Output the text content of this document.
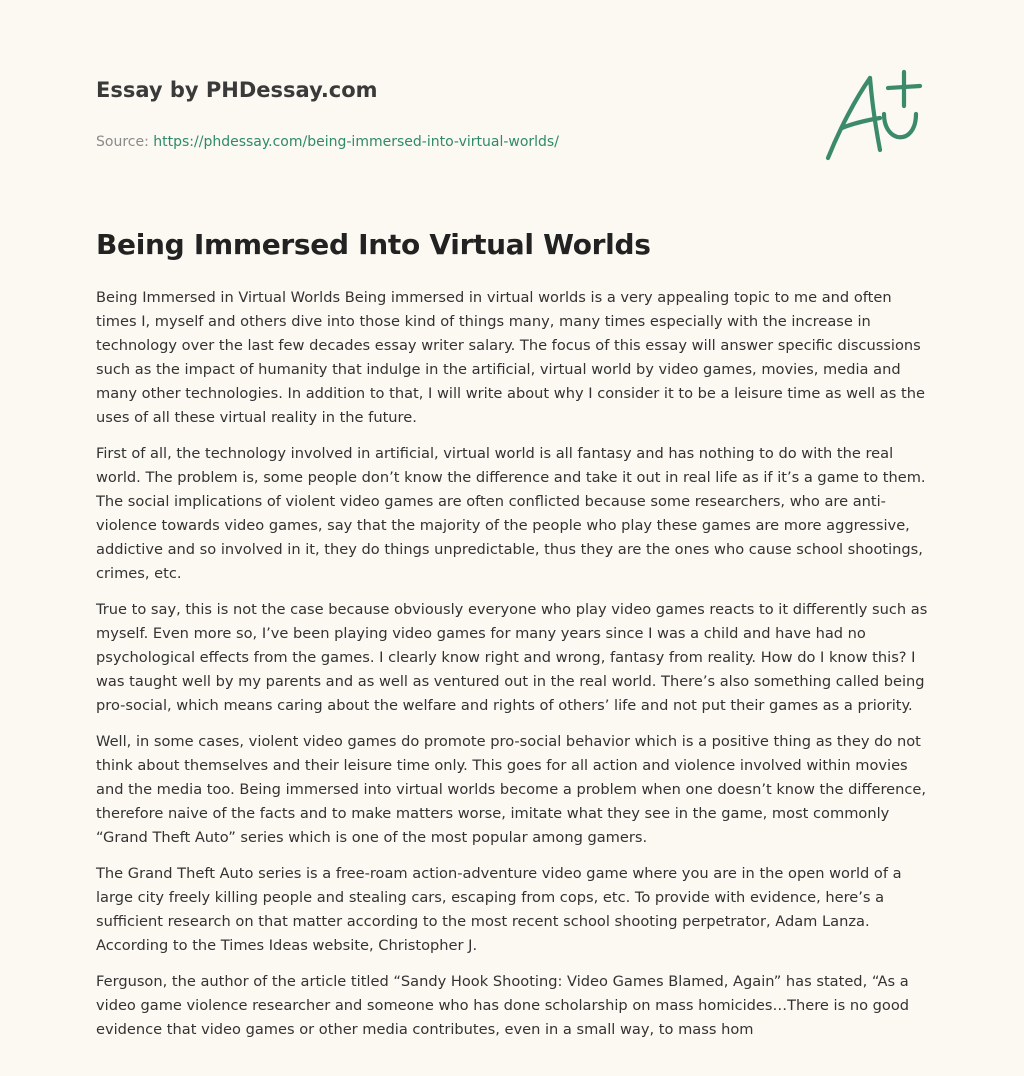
Essay by PHDessay.com
Source: https://phdessay.com/being-immersed-into-virtual-worlds/
Being Immersed Into Virtual Worlds

Being Immersed in Virtual Worlds Being immersed in virtual worlds is a very appealing topic to me and often times I, myself and others dive into those kind of things many, many times especially with the increase in technology over the last few decades essay writer salary. The focus of this essay will answer specific discussions such as the impact of humanity that indulge in the artificial, virtual world by video games, movies, media and many other technologies. In addition to that, I will write about why I consider it to be a leisure time as well as the uses of all these virtual reality in the future.

First of all, the technology involved in artificial, virtual world is all fantasy and has nothing to do with the real world. The problem is, some people don’t know the difference and take it out in real life as if it’s a game to them. The social implications of violent video games are often conflicted because some researchers, who are anti-violence towards video games, say that the majority of the people who play these games are more aggressive, addictive and so involved in it, they do things unpredictable, thus they are the ones who cause school shootings, crimes, etc.

True to say, this is not the case because obviously everyone who play video games reacts to it differently such as myself. Even more so, I’ve been playing video games for many years since I was a child and have had no psychological effects from the games. I clearly know right and wrong, fantasy from reality. How do I know this? I was taught well by my parents and as well as ventured out in the real world. There’s also something called being pro-social, which means caring about the welfare and rights of others’ life and not put their games as a priority.

Well, in some cases, violent video games do promote pro-social behavior which is a positive thing as they do not think about themselves and their leisure time only. This goes for all action and violence involved within movies and the media too. Being immersed into virtual worlds become a problem when one doesn’t know the difference, therefore naive of the facts and to make matters worse, imitate what they see in the game, most commonly “Grand Theft Auto” series which is one of the most popular among gamers.

The Grand Theft Auto series is a free-roam action-adventure video game where you are in the open world of a large city freely killing people and stealing cars, escaping from cops, etc. To provide with evidence, here’s a sufficient research on that matter according to the most recent school shooting perpetrator, Adam Lanza. According to the Times Ideas website, Christopher J.

Ferguson, the author of the article titled “Sandy Hook Shooting: Video Games Blamed, Again” has stated, “As a video game violence researcher and someone who has done scholarship on mass homicides…There is no good evidence that video games or other media contributes, even in a small way, to mass hom
